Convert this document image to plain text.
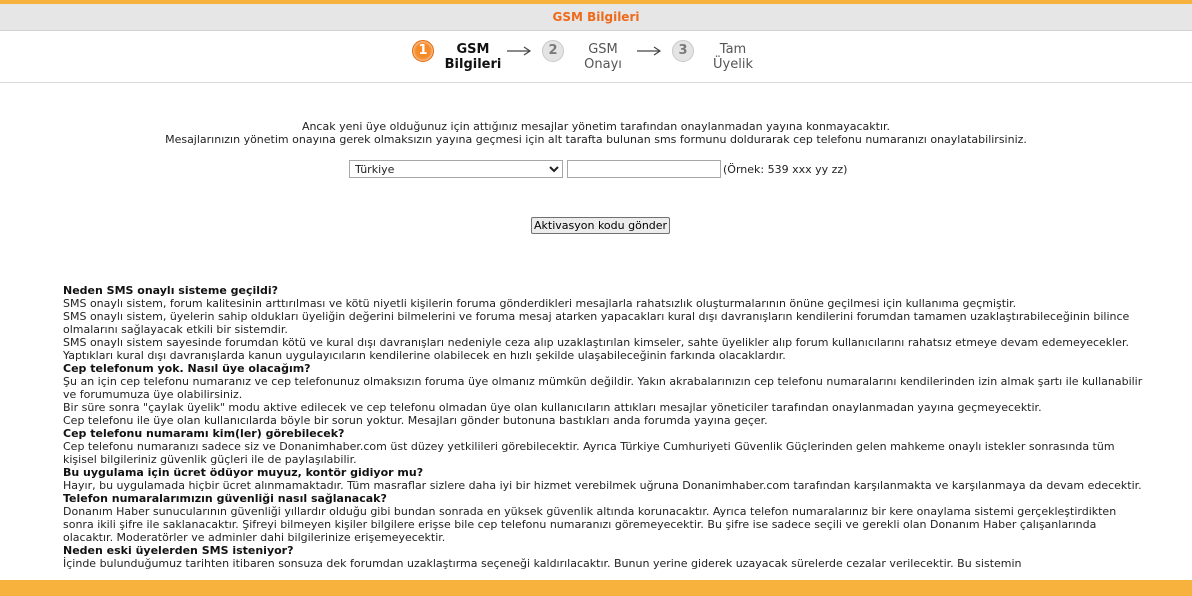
GSM Bilgileri
1	GSM
Bilgileri
2	GSM
Onayı
3	Tam
Üyelik
Ancak yeni üye olduğunuz için attığınız mesajlar yönetim tarafından onaylanmadan yayına konmayacaktır.
Mesajlarınızın yönetim onayına gerek olmaksızın yayına geçmesi için alt tarafta bulunan sms formunu doldurarak cep telefonu numaranızı onaylatabilirsiniz.
Türkiye
(Örnek: 539 xxx yy zz)
Aktivasyon kodu gönder
Neden SMS onaylı sisteme geçildi?
SMS onaylı sistem, forum kalitesinin arttırılması ve kötü niyetli kişilerin foruma gönderdikleri mesajlarla rahatsızlık oluşturmalarının önüne geçilmesi için kullanıma geçmiştir.
SMS onaylı sistem, üyelerin sahip oldukları üyeliğin değerini bilmelerini ve foruma mesaj atarken yapacakları kural dışı davranışların kendilerini forumdan tamamen uzaklaştırabileceğinin bilince olmalarını sağlayacak etkili bir sistemdir.
SMS onaylı sistem sayesinde forumdan kötü ve kural dışı davranışları nedeniyle ceza alıp uzaklaştırılan kimseler, sahte üyelikler alıp forum kullanıcılarını rahatsız etmeye devam edemeyecekler. Yaptıkları kural dışı davranışlarda kanun uygulayıcıların kendilerine olabilecek en hızlı şekilde ulaşabileceğinin farkında olacaklardır.
Cep telefonum yok. Nasıl üye olacağım?
Şu an için cep telefonu numaranız ve cep telefonunuz olmaksızın foruma üye olmanız mümkün değildir. Yakın akrabalarınızın cep telefonu numaralarını kendilerinden izin almak şartı ile kullanabilir ve forumumuza üye olabilirsiniz.
Bir süre sonra "çaylak üyelik" modu aktive edilecek ve cep telefonu olmadan üye olan kullanıcıların attıkları mesajlar yöneticiler tarafından onaylanmadan yayına geçmeyecektir.
Cep telefonu ile üye olan kullanıcılarda böyle bir sorun yoktur. Mesajları gönder butonuna bastıkları anda forumda yayına geçer.
Cep telefonu numaramı kim(ler) görebilecek?
Cep telefonu numaranızı sadece siz ve Donanimhaber.com üst düzey yetkilileri görebilecektir. Ayrıca Türkiye Cumhuriyeti Güvenlik Güçlerinden gelen mahkeme onaylı istekler sonrasında tüm kişisel bilgileriniz güvenlik güçleri ile de paylaşılabilir.
Bu uygulama için ücret ödüyor muyuz, kontör gidiyor mu?
Hayır, bu uygulamada hiçbir ücret alınmamaktadır. Tüm masraflar sizlere daha iyi bir hizmet verebilmek uğruna Donanimhaber.com tarafından karşılanmakta ve karşılanmaya da devam edecektir.
Telefon numaralarımızın güvenliği nasıl sağlanacak?
Donanım Haber sunucularının güvenliği yıllardır olduğu gibi bundan sonrada en yüksek güvenlik altında korunacaktır. Ayrıca telefon numaralarınız bir kere onaylama sistemi gerçekleştirdikten sonra ikili şifre ile saklanacaktır. Şifreyi bilmeyen kişiler bilgilere erişse bile cep telefonu numaranızı göremeyecektir. Bu şifre ise sadece seçili ve gerekli olan Donanım Haber çalışanlarında olacaktır. Moderatörler ve adminler dahi bilgilerinize erişemeyecektir.
Neden eski üyelerden SMS isteniyor?
İçinde bulunduğumuz tarihten itibaren sonsuza dek forumdan uzaklaştırma seçeneği kaldırılacaktır. Bunun yerine giderek uzayacak sürelerde cezalar verilecektir. Bu sistemin
